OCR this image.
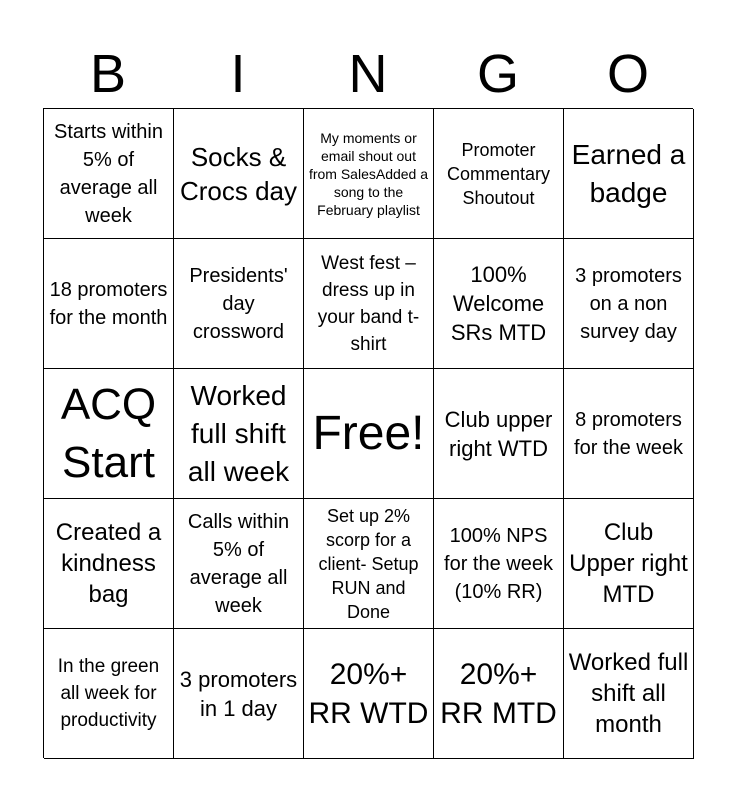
B	I	N	G	O
Starts within 5% of average all week
Socks & Crocs day
My moments or email shout out from SalesAdded a song to the February playlist
Promoter Commentary Shoutout
Earned a badge
18 promoters for the month
Presidents' day crossword
West fest – dress up in your band t-shirt
100% Welcome SRs MTD
3 promoters on a non survey day
ACQ Start
Worked full shift all week
Free! Club upper right WTD
8 promoters for the week
Created a kindness bag
Calls within 5% of average all week
Set up 2% scorp for a client- Setup RUN and Done
100% NPS for the week (10% RR)
Club Upper right MTD
In the green all week for productivity
3 promoters in 1 day
20%+ RR WTD
20%+ RR MTD
Worked full shift all month
